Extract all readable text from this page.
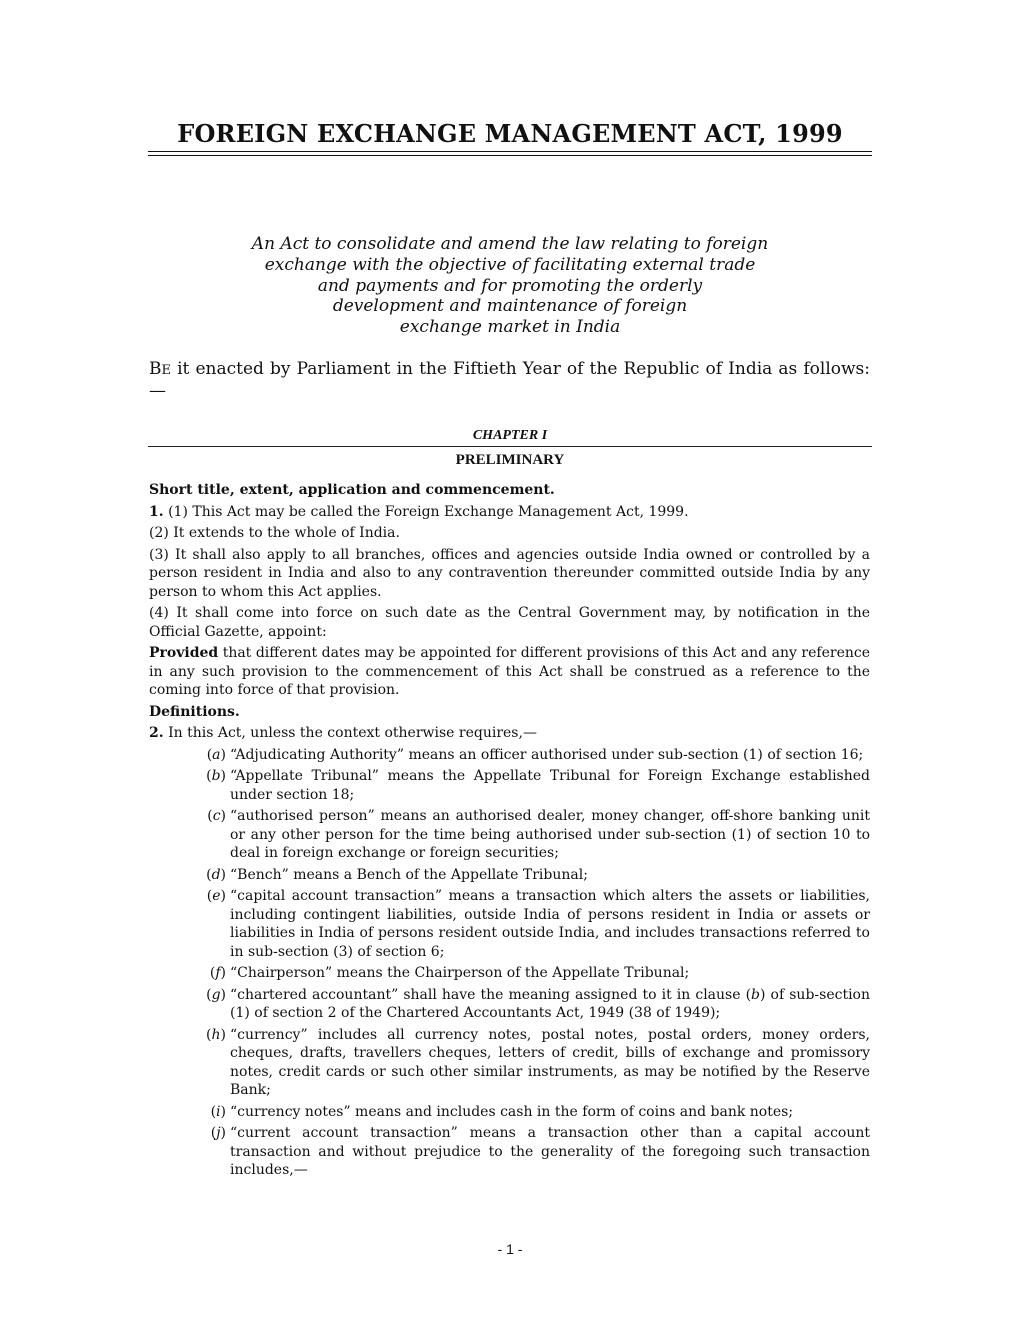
FOREIGN EXCHANGE MANAGEMENT ACT, 1999
An Act to consolidate and amend the law relating to foreign
exchange with the objective of facilitating external trade
and payments and for promoting the orderly
development and maintenance of foreign
exchange market in India

BE it enacted by Parliament in the Fiftieth Year of the Republic of India as follows:—

CHAPTER I

PRELIMINARY

Short title, extent, application and commencement.

1. (1) This Act may be called the Foreign Exchange Management Act, 1999.

(2) It extends to the whole of India.

(3) It shall also apply to all branches, offices and agencies outside India owned or controlled by a person resident in India and also to any contravention thereunder committed outside India by any person to whom this Act applies.

(4) It shall come into force on such date as the Central Government may, by notification in the Official Gazette, appoint:

Provided that different dates may be appointed for different provisions of this Act and any reference in any such provision to the commencement of this Act shall be construed as a reference to the coming into force of that provision.

Definitions.

2. In this Act, unless the context otherwise requires,—

(a) “Adjudicating Authority” means an officer authorised under sub-section (1) of section 16;
(b) “Appellate Tribunal” means the Appellate Tribunal for Foreign Exchange established under section 18;
(c) “authorised person” means an authorised dealer, money changer, off-shore banking unit or any other person for the time being authorised under sub-section (1) of section 10 to deal in foreign exchange or foreign securities;
(d) “Bench” means a Bench of the Appellate Tribunal;
(e) “capital account transaction” means a transaction which alters the assets or liabilities, including contingent liabilities, outside India of persons resident in India or assets or liabilities in India of persons resident outside India, and includes transactions referred to in sub-section (3) of section 6;
(f) “Chairperson” means the Chairperson of the Appellate Tribunal;
(g) “chartered accountant” shall have the meaning assigned to it in clause (b) of sub-section (1) of section 2 of the Chartered Accountants Act, 1949 (38 of 1949);
(h) “currency” includes all currency notes, postal notes, postal orders, money orders, cheques, drafts, travellers cheques, letters of credit, bills of exchange and promissory notes, credit cards or such other similar instruments, as may be notified by the Reserve Bank;
(i) “currency notes” means and includes cash in the form of coins and bank notes;
(j) “current account transaction” means a transaction other than a capital account transaction and without prejudice to the generality of the foregoing such transaction includes,—

- 1 -
